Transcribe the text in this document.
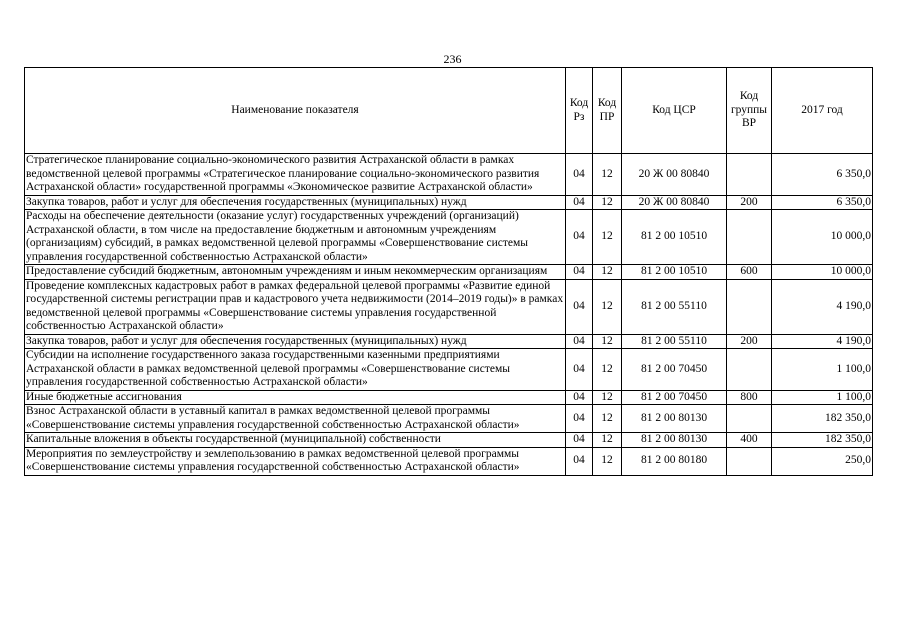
236
Наименование показателя	Код Рз	Код ПР	Код ЦСР	Код группы ВР	2017 год
Стратегическое планирование социально-экономического развития Астраханской области в рамках ведомственной целевой программы «Стратегическое планирование социально-экономического развития Астраханской области» государственной программы «Экономическое развитие Астраханской области»	04	12	20 Ж 00 80840		6 350,0
Закупка товаров, работ и услуг для обеспечения государственных (муниципальных) нужд	04	12	20 Ж 00 80840	200	6 350,0
Расходы на обеспечение деятельности (оказание услуг) государственных учреждений (организаций) Астраханской области, в том числе на предоставление бюджетным и автономным учреждениям (организациям) субсидий, в рамках ведомственной целевой программы «Совершенствование системы управления государственной собственностью Астраханской области»	04	12	81 2 00 10510		10 000,0
Предоставление субсидий бюджетным, автономным учреждениям и иным некоммерческим организациям	04	12	81 2 00 10510	600	10 000,0
Проведение комплексных кадастровых работ в рамках федеральной целевой программы «Развитие единой государственной системы регистрации прав и кадастрового учета недвижимости (2014–2019 годы)» в рамках ведомственной целевой программы «Совершенствование системы управления государственной собственностью Астраханской области»	04	12	81 2 00 55110		4 190,0
Закупка товаров, работ и услуг для обеспечения государственных (муниципальных) нужд	04	12	81 2 00 55110	200	4 190,0
Субсидии на исполнение государственного заказа государственными казенными предприятиями Астраханской области в рамках ведомственной целевой программы «Совершенствование системы управления государственной собственностью Астраханской области»	04	12	81 2 00 70450		1 100,0
Иные бюджетные ассигнования	04	12	81 2 00 70450	800	1 100,0
Взнос Астраханской области в уставный капитал в рамках ведомственной целевой программы «Совершенствование системы управления государственной собственностью Астраханской области»	04	12	81 2 00 80130		182 350,0
Капитальные вложения в объекты государственной (муниципальной) собственности	04	12	81 2 00 80130	400	182 350,0
Мероприятия по землеустройству и землепользованию в рамках ведомственной целевой программы «Совершенствование системы управления государственной собственностью Астраханской области»	04	12	81 2 00 80180		250,0
